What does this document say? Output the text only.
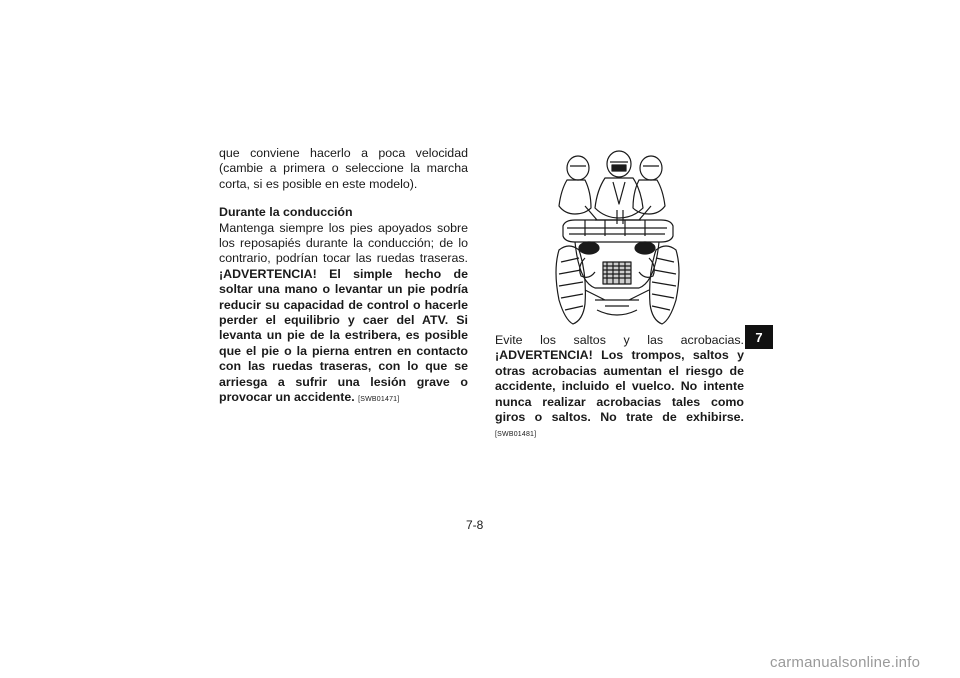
que conviene hacerlo a poca velocidad (cambie a primera o seleccione la marcha corta, si es posible en este modelo).

Durante la conducción

Mantenga siempre los pies apoyados sobre los reposapiés durante la conducción; de lo contrario, podrían tocar las ruedas traseras. ¡ADVERTENCIA! El simple hecho de soltar una mano o levantar un pie podría reducir su capacidad de control o hacerle perder el equilibrio y caer del ATV. Si levanta un pie de la estribera, es posible que el pie o la pierna entren en contacto con las ruedas traseras, con lo que se arriesga a sufrir una lesión grave o provocar un accidente. [SWB01471]

Evite los saltos y las acrobacias. ¡ADVERTENCIA! Los trompos, saltos y otras acrobacias aumentan el riesgo de accidente, incluido el vuelco. No intente nunca realizar acrobacias tales como giros o saltos. No trate de exhibirse. [SWB01481]

7
7-8
carmanualsonline.info
